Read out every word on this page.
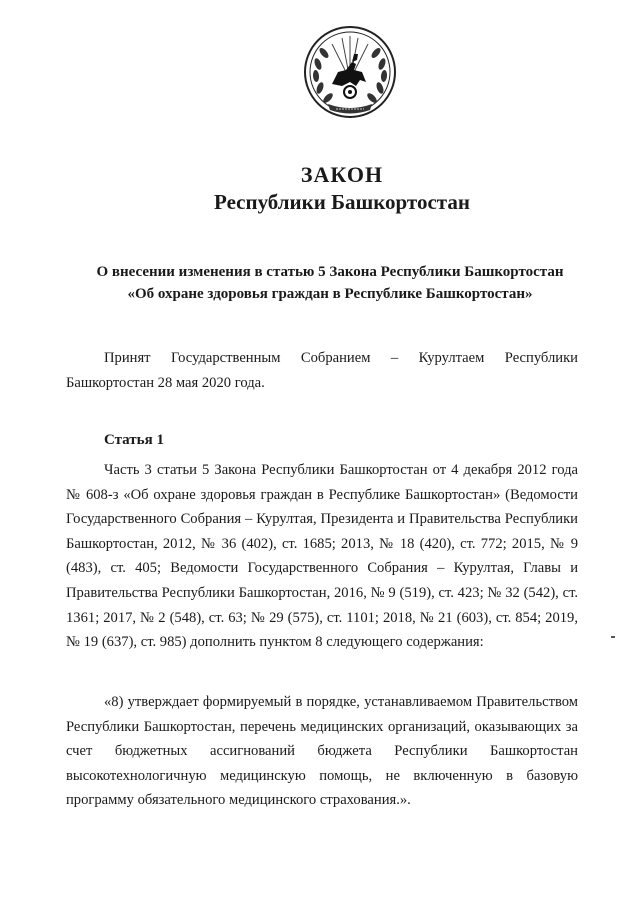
ЗАКОН
Республики Башкортостан
О внесении изменения в статью 5 Закона Республики Башкортостан
«Об охране здоровья граждан в Республике Башкортостан»
Принят Государственным Собранием – Курултаем Республики Башкортостан 28 мая 2020 года.
Статья 1
Часть 3 статьи 5 Закона Республики Башкортостан от 4 декабря 2012 года № 608-з «Об охране здоровья граждан в Республике Башкортостан» (Ведомости Государственного Собрания – Курултая, Президента и Правительства Республики Башкортостан, 2012, № 36 (402), ст. 1685; 2013, № 18 (420), ст. 772; 2015, № 9 (483), ст. 405; Ведомости Государственного Собрания – Курултая, Главы и Правительства Республики Башкортостан, 2016, № 9 (519), ст. 423; № 32 (542), ст. 1361; 2017, № 2 (548), ст. 63; № 29 (575), ст. 1101; 2018, № 21 (603), ст. 854; 2019, № 19 (637), ст. 985) дополнить пунктом 8 следующего содержания:
«8) утверждает формируемый в порядке, устанавливаемом Правительством Республики Башкортостан, перечень медицинских организаций, оказывающих за счет бюджетных ассигнований бюджета Республики Башкортостан высокотехнологичную медицинскую помощь, не включенную в базовую программу обязательного медицинского страхования.».
